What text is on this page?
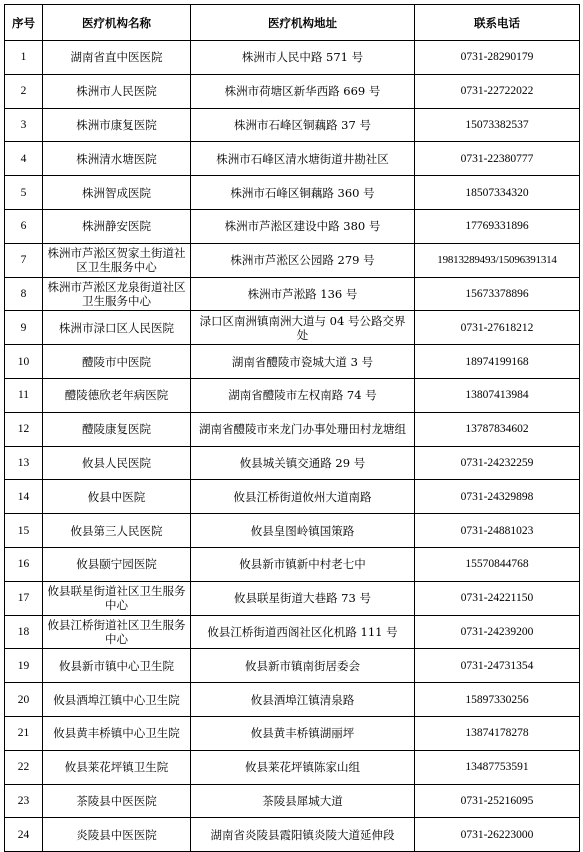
序号	医疗机构名称	医疗机构地址	联系电话
1	湖南省直中医医院	株洲市人民中路 571 号	0731-28290179
2	株洲市人民医院	株洲市荷塘区新华西路 669 号	0731-22722022
3	株洲市康复医院	株洲市石峰区铜藕路 37 号	15073382537
4	株洲清水塘医院	株洲市石峰区清水塘街道井勘社区	0731-22380777
5	株洲智成医院	株洲市石峰区铜藕路 360 号	18507334320
6	株洲静安医院	株洲市芦淞区建设中路 380 号	17769331896
7	株洲市芦淞区贺家土街道社区卫生服务中心	株洲市芦淞区公园路 279 号	19813289493/15096391314
8	株洲市芦淞区龙泉街道社区卫生服务中心	株洲市芦淞路 136 号	15673378896
9	株洲市渌口区人民医院	渌口区南洲镇南洲大道与 04 号公路交界处	0731-27618212
10	醴陵市中医院	湖南省醴陵市瓷城大道 3 号	18974199168
11	醴陵德欣老年病医院	湖南省醴陵市左权南路 74 号	13807413984
12	醴陵康复医院	湖南省醴陵市来龙门办事处珊田村龙塘组	13787834602
13	攸县人民医院	攸县城关镇交通路 29 号	0731-24232259
14	攸县中医院	攸县江桥街道攸州大道南路	0731-24329898
15	攸县第三人民医院	攸县皇图岭镇国策路	0731-24881023
16	攸县颐宁园医院	攸县新市镇新中村老七中	15570844768
17	攸县联星街道社区卫生服务中心	攸县联星街道大巷路 73 号	0731-24221150
18	攸县江桥街道社区卫生服务中心	攸县江桥街道西阁社区化机路 111 号	0731-24239200
19	攸县新市镇中心卫生院	攸县新市镇南街居委会	0731-24731354
20	攸县酒埠江镇中心卫生院	攸县酒埠江镇清泉路	15897330256
21	攸县黄丰桥镇中心卫生院	攸县黄丰桥镇湖丽坪	13874178278
22	攸县莱花坪镇卫生院	攸县莱花坪镇陈家山组	13487753591
23	茶陵县中医医院	茶陵县犀城大道	0731-25216095
24	炎陵县中医医院	湖南省炎陵县霞阳镇炎陵大道延伸段	0731-26223000
